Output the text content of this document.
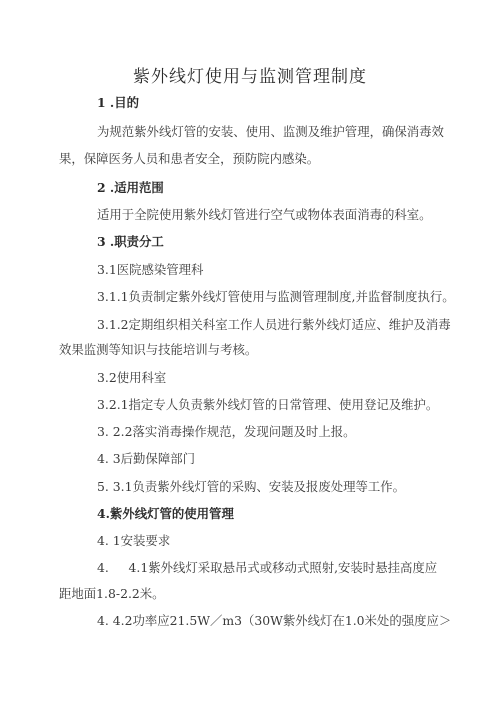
紫外线灯使用与监测管理制度
1 .目的
为规范紫外线灯管的安装、使用、监测及维护管理，确保消毒效
果，保障医务人员和患者安全，预防院内感染。
2 .适用范围
适用于全院使用紫外线灯管进行空气或物体表面消毒的科室。
3 .职责分工
3.1医院感染管理科
3.1.1负责制定紫外线灯管使用与监测管理制度,并监督制度执行。
3.1.2定期组织相关科室工作人员进行紫外线灯适应、维护及消毒
效果监测等知识与技能培训与考核。
3.2使用科室
3.2.1指定专人负责紫外线灯管的日常管理、使用登记及维护。
3. 2.2落实消毒操作规范，发现问题及时上报。
4. 3后勤保障部门
5. 3.1负责紫外线灯管的采购、安装及报废处理等工作。
4.紫外线灯管的使用管理
4. 1安装要求
4.     4.1紫外线灯采取悬吊式或移动式照射,安装时悬挂高度应
距地面1.8-2.2米。
4. 4.2功率应21.5W／m3（30W紫外线灯在1.0米处的强度应＞
